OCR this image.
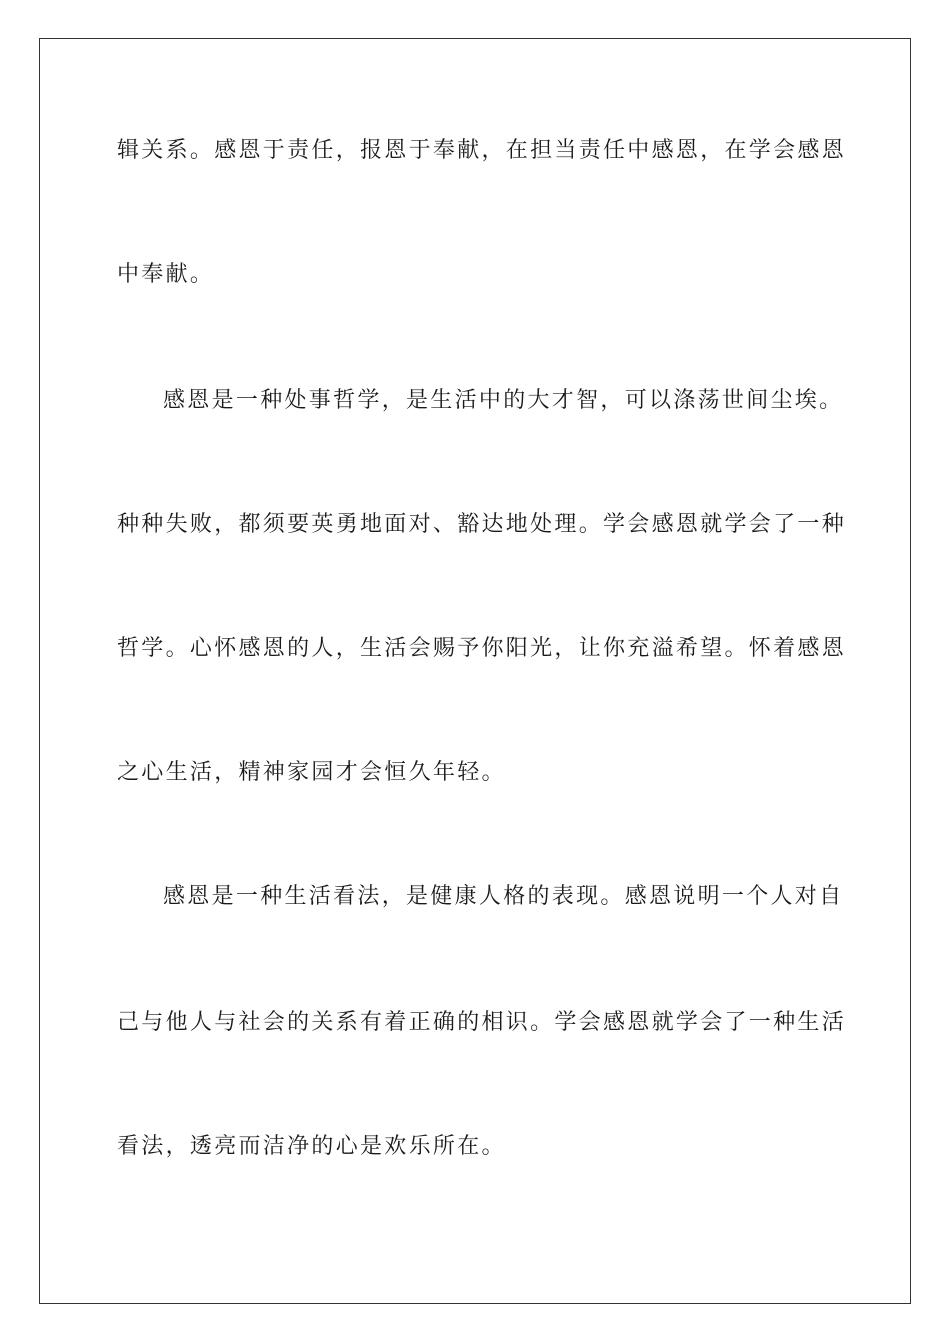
辑关系。感恩于责任，报恩于奉献，在担当责任中感恩，在学会感恩
中奉献。
感恩是一种处事哲学，是生活中的大才智，可以涤荡世间尘埃。
种种失败，都须要英勇地面对、豁达地处理。学会感恩就学会了一种
哲学。心怀感恩的人，生活会赐予你阳光，让你充溢希望。怀着感恩
之心生活，精神家园才会恒久年轻。
感恩是一种生活看法，是健康人格的表现。感恩说明一个人对自
己与他人与社会的关系有着正确的相识。学会感恩就学会了一种生活
看法，透亮而洁净的心是欢乐所在。
